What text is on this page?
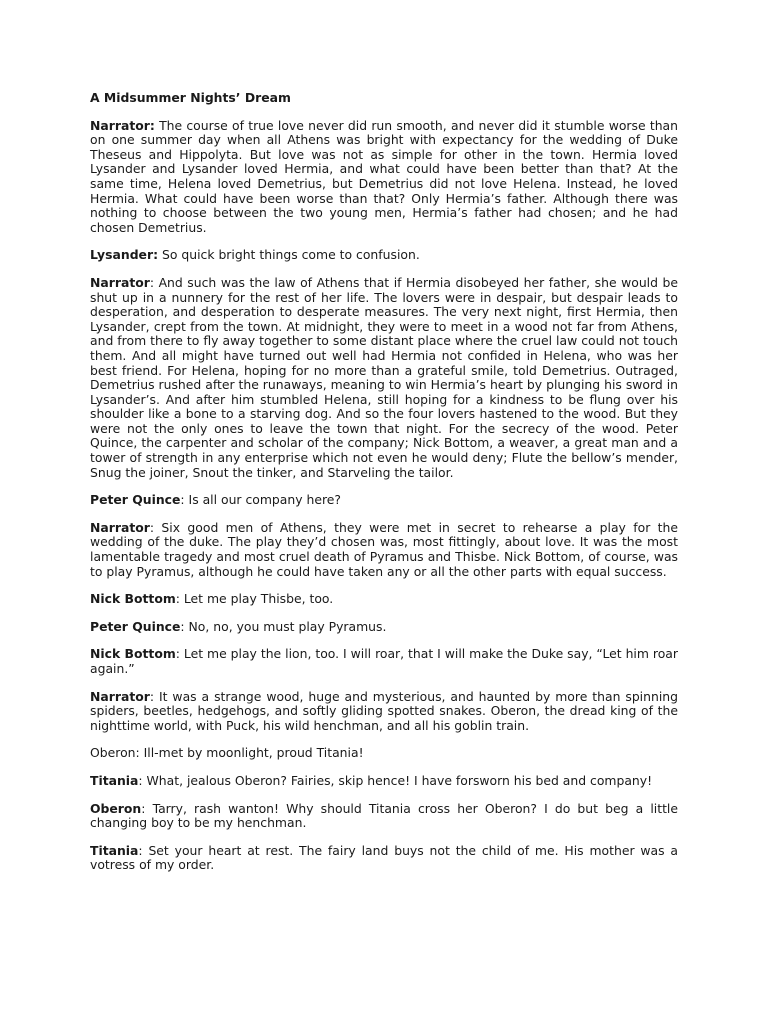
A Midsummer Nights’ Dream

Narrator: The course of true love never did run smooth, and never did it stumble worse than on one summer day when all Athens was bright with expectancy for the wedding of Duke Theseus and Hippolyta. But love was not as simple for other in the town. Hermia loved Lysander and Lysander loved Hermia, and what could have been better than that? At the same time, Helena loved Demetrius, but Demetrius did not love Helena. Instead, he loved Hermia. What could have been worse than that? Only Hermia’s father. Although there was nothing to choose between the two young men, Hermia’s father had chosen; and he had chosen Demetrius.

Lysander: So quick bright things come to confusion.

Narrator: And such was the law of Athens that if Hermia disobeyed her father, she would be shut up in a nunnery for the rest of her life. The lovers were in despair, but despair leads to desperation, and desperation to desperate measures. The very next night, first Hermia, then Lysander, crept from the town. At midnight, they were to meet in a wood not far from Athens, and from there to fly away together to some distant place where the cruel law could not touch them. And all might have turned out well had Hermia not confided in Helena, who was her best friend. For Helena, hoping for no more than a grateful smile, told Demetrius. Outraged, Demetrius rushed after the runaways, meaning to win Hermia’s heart by plunging his sword in Lysander’s. And after him stumbled Helena, still hoping for a kindness to be flung over his shoulder like a bone to a starving dog. And so the four lovers hastened to the wood. But they were not the only ones to leave the town that night. For the secrecy of the wood. Peter Quince, the carpenter and scholar of the company; Nick Bottom, a weaver, a great man and a tower of strength in any enterprise which not even he would deny; Flute the bellow’s mender, Snug the joiner, Snout the tinker, and Starveling the tailor.

Peter Quince: Is all our company here?

Narrator: Six good men of Athens, they were met in secret to rehearse a play for the wedding of the duke. The play they’d chosen was, most fittingly, about love. It was the most lamentable tragedy and most cruel death of Pyramus and Thisbe. Nick Bottom, of course, was to play Pyramus, although he could have taken any or all the other parts with equal success.

Nick Bottom: Let me play Thisbe, too.

Peter Quince: No, no, you must play Pyramus.

Nick Bottom: Let me play the lion, too. I will roar, that I will make the Duke say, “Let him roar again.”

Narrator: It was a strange wood, huge and mysterious, and haunted by more than spinning spiders, beetles, hedgehogs, and softly gliding spotted snakes. Oberon, the dread king of the nighttime world, with Puck, his wild henchman, and all his goblin train.

Oberon: Ill-met by moonlight, proud Titania!

Titania: What, jealous Oberon? Fairies, skip hence! I have forsworn his bed and company!

Oberon: Tarry, rash wanton! Why should Titania cross her Oberon? I do but beg a little changing boy to be my henchman.

Titania: Set your heart at rest. The fairy land buys not the child of me. His mother was a votress of my order.
